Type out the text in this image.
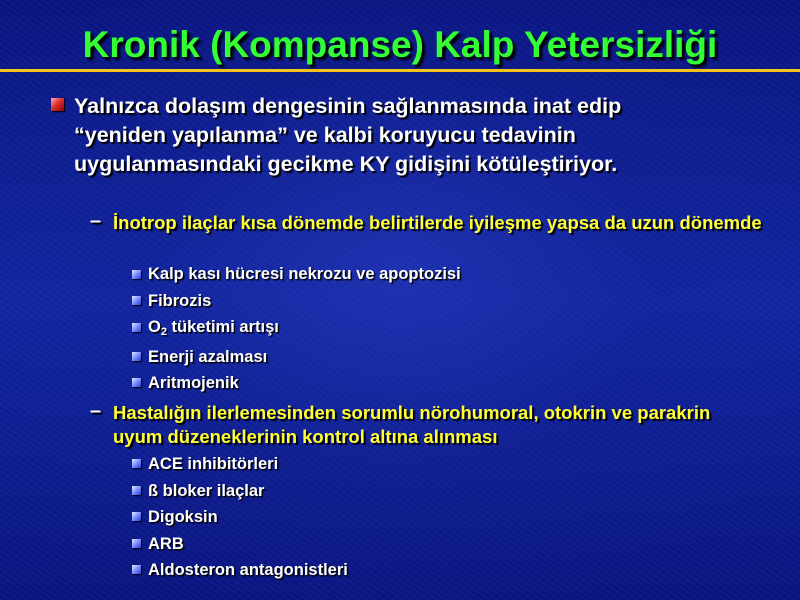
Kronik (Kompanse) Kalp Yetersizliği
Yalnızca dolaşım dengesinin sağlanmasında inat edip “yeniden yapılanma” ve kalbi koruyucu tedavinin uygulanmasındaki gecikme KY gidişini kötüleştiriyor.
– İnotrop ilaçlar kısa dönemde belirtilerde iyileşme yapsa da uzun dönemde
Kalp kası hücresi nekrozu ve apoptozisi
Fibrozis
$O_2$ tüketimi artışı
Enerji azalması
Aritmojenik
– Hastalığın ilerlemesinden sorumlu nörohumoral, otokrin ve parakrin uyum düzeneklerinin kontrol altına alınması
ACE inhibitörleri
ß bloker ilaçlar
Digoksin
ARB
Aldosteron antagonistleri
